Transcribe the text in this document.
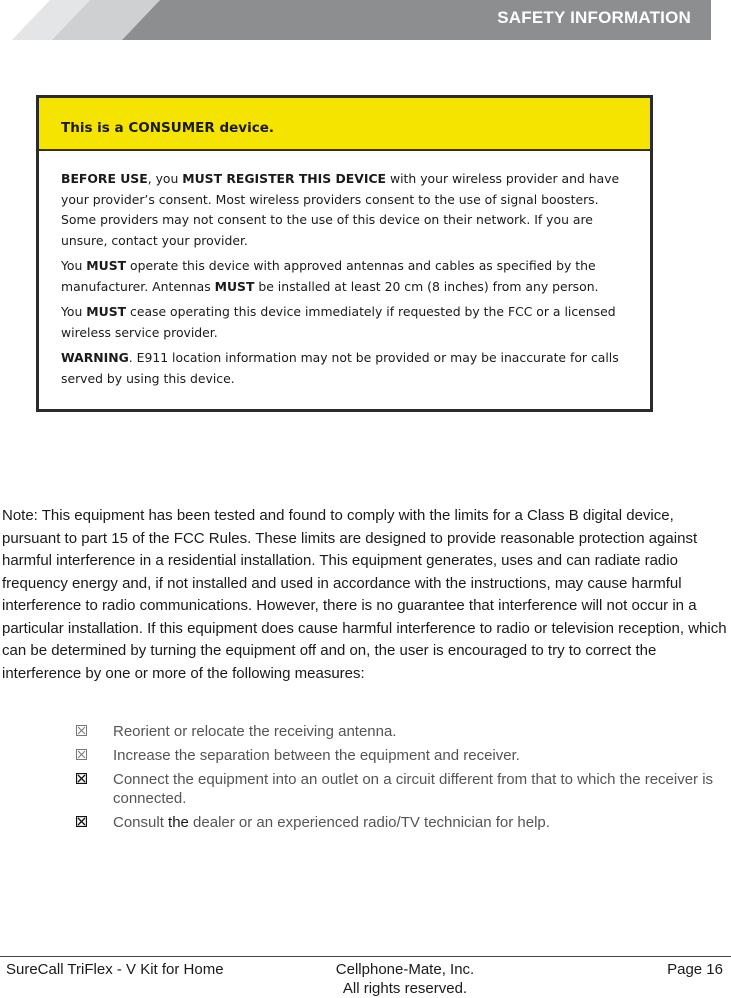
SAFETY INFORMATION
This is a CONSUMER device.

BEFORE USE, you MUST REGISTER THIS DEVICE with your wireless provider and have your provider’s consent. Most wireless providers consent to the use of signal boosters. Some providers may not consent to the use of this device on their network. If you are unsure, contact your provider.

You MUST operate this device with approved antennas and cables as specified by the manufacturer. Antennas MUST be installed at least 20 cm (8 inches) from any person.

You MUST cease operating this device immediately if requested by the FCC or a licensed wireless service provider.

WARNING. E911 location information may not be provided or may be inaccurate for calls served by using this device.

Note: This equipment has been tested and found to comply with the limits for a Class B digital device, pursuant to part 15 of the FCC Rules. These limits are designed to provide reasonable protection against harmful interference in a residential installation. This equipment generates, uses and can radiate radio frequency energy and, if not installed and used in accordance with the instructions, may cause harmful interference to radio communications. However, there is no guarantee that interference will not occur in a particular installation. If this equipment does cause harmful interference to radio or television reception, which can be determined by turning the equipment off and on, the user is encouraged to try to correct the interference by one or more of the following measures:
Reorient or relocate the receiving antenna.
Increase the separation between the equipment and receiver.
Connect the equipment into an outlet on a circuit different from that to which the receiver is connected.
Consult the dealer or an experienced radio/TV technician for help.
SureCall TriFlex - V Kit for Home	Cellphone-Mate, Inc.
All rights reserved.
Page 16
